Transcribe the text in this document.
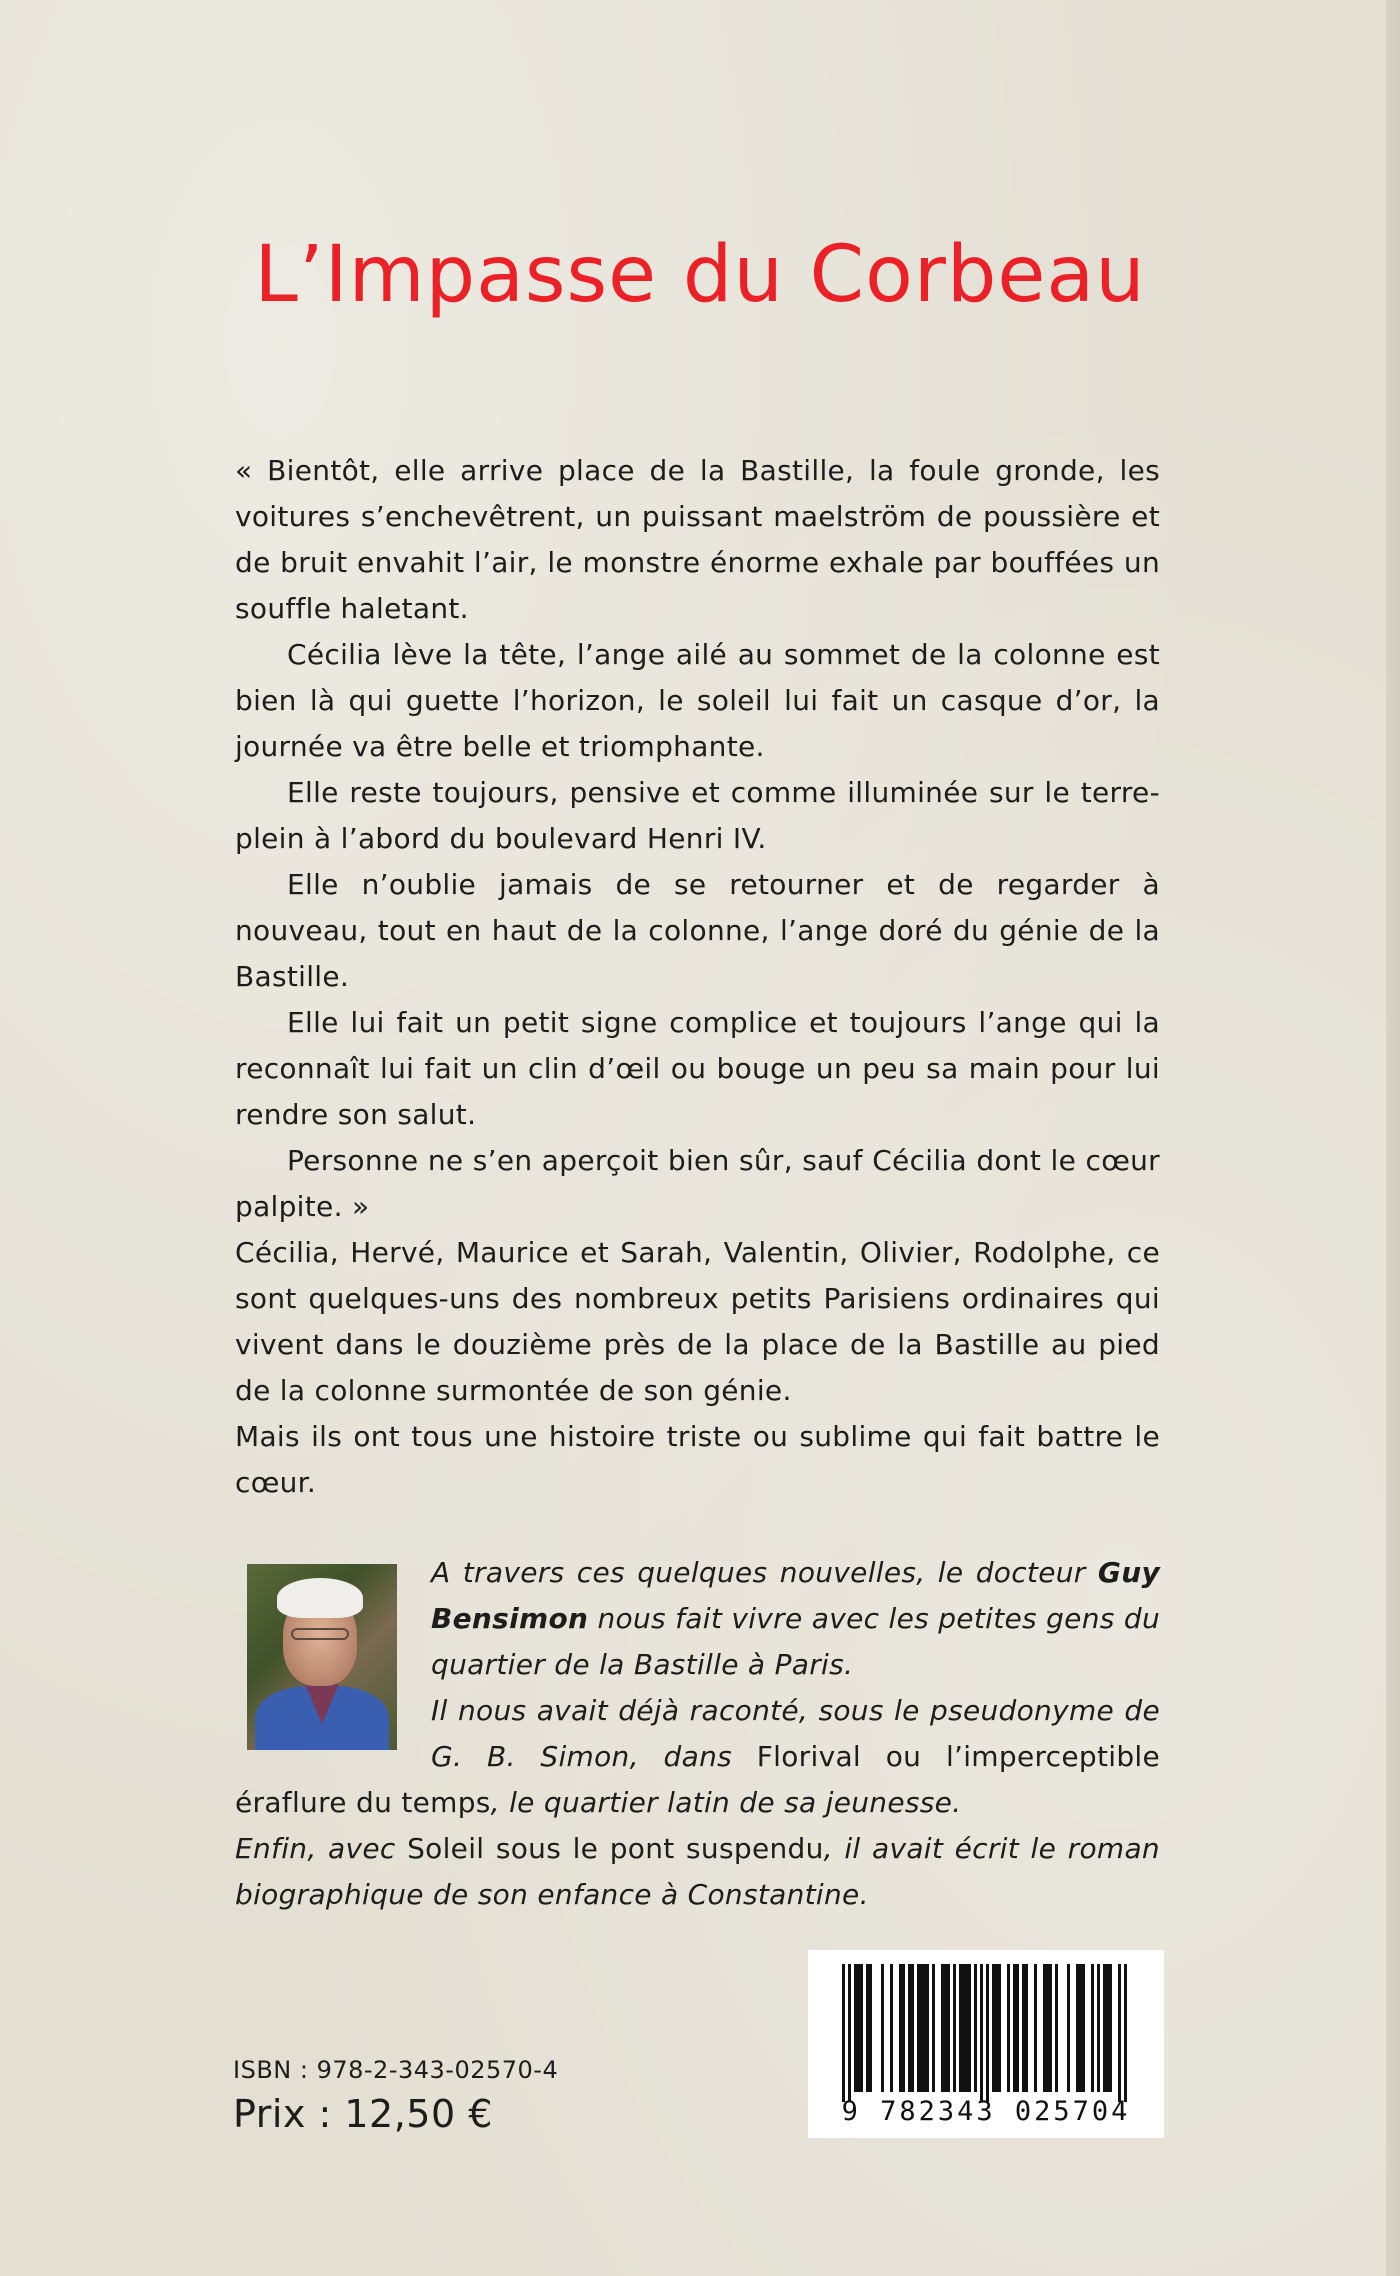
L’Impasse du Corbeau

« Bientôt, elle arrive place de la Bastille, la foule gronde, les voitures s’enchevêtrent, un puissant maelström de poussière et de bruit envahit l’air, le monstre énorme exhale par bouffées un souffle haletant.

Cécilia lève la tête, l’ange ailé au sommet de la colonne est bien là qui guette l’horizon, le soleil lui fait un casque d’or, la journée va être belle et triomphante.

Elle reste toujours, pensive et comme illuminée sur le terre-plein à l’abord du boulevard Henri IV.

Elle n’oublie jamais de se retourner et de regarder à nouveau, tout en haut de la colonne, l’ange doré du génie de la Bastille.

Elle lui fait un petit signe complice et toujours l’ange qui la reconnaît lui fait un clin d’œil ou bouge un peu sa main pour lui rendre son salut.

Personne ne s’en aperçoit bien sûr, sauf Cécilia dont le cœur palpite. »

Cécilia, Hervé, Maurice et Sarah, Valentin, Olivier, Rodolphe, ce sont quelques-uns des nombreux petits Parisiens ordinaires qui vivent dans le douzième près de la place de la Bastille au pied de la colonne surmontée de son génie.

Mais ils ont tous une histoire triste ou sublime qui fait battre le cœur.

A travers ces quelques nouvelles, le docteur Guy Bensimon nous fait vivre avec les petites gens du quartier de la Bastille à Paris.

Il nous avait déjà raconté, sous le pseudonyme de G. B. Simon, dans Florival ou l’imperceptible éraflure du temps, le quartier latin de sa jeunesse.

Enfin, avec Soleil sous le pont suspendu, il avait écrit le roman biographique de son enfance à Constantine.

ISBN : 978-2-343-02570-4
Prix : 12,50 €	9 782343 025704
